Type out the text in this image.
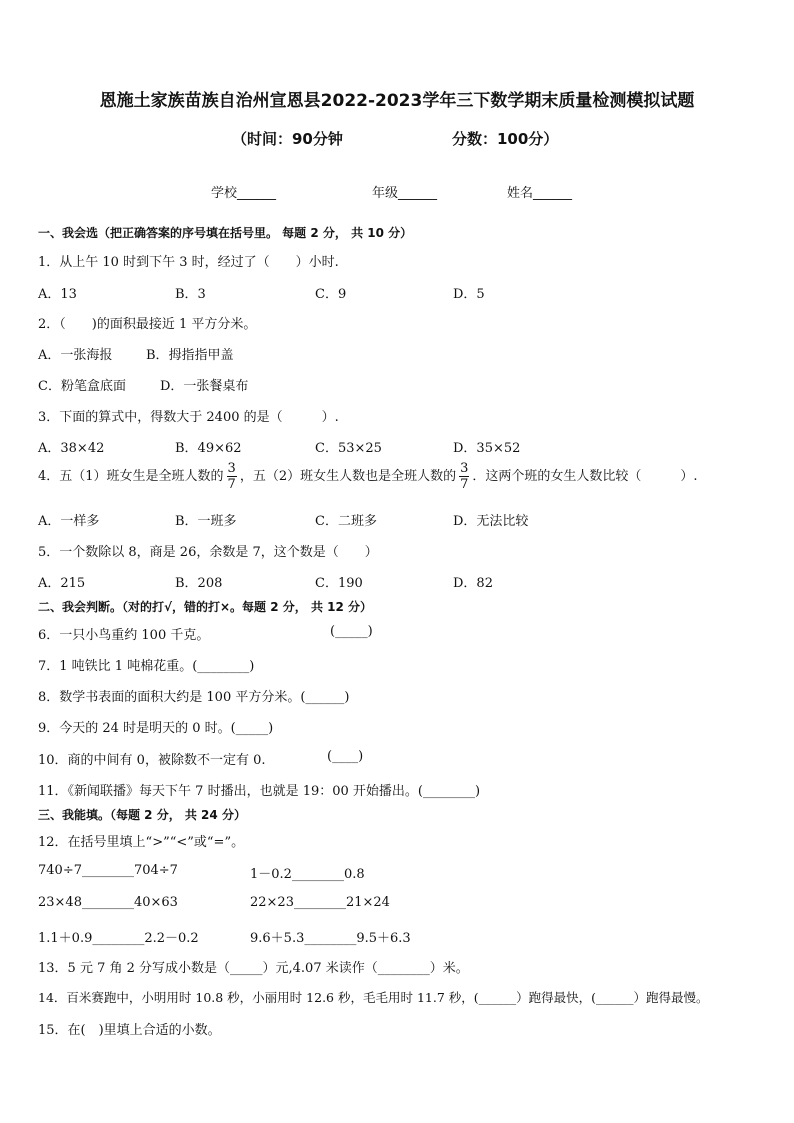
恩施土家族苗族自治州宣恩县2022-2023学年三下数学期末质量检测模拟试题
（时间：90分钟	分数：100分）
学校______	年级______	姓名______
一、我会选（把正确答案的序号填在括号里。 每题 2 分， 共 10 分）
1．从上午 10 时到下午 3 时，经过了（　　）小时.
A．13	B．3	C．9	D．5
2．（　　)的面积最接近 1 平方分米。
A．一张海报	B．拇指指甲盖
C．粉笔盒底面	D．一张餐桌布
3．下面的算式中，得数大于 2400 的是（　　　）.
A．38×42	B．49×62	C．53×25	D．35×52
4．五（1）班女生是全班人数的 $\frac{3}{7}$ ，五（2）班女生人数也是全班人数的 $\frac{3}{7}$ ．这两个班的女生人数比较（　　　）.
A．一样多	B．一班多	C．二班多	D．无法比较
5．一个数除以 8，商是 26，余数是 7，这个数是（　　）
A．215	B．208	C．190	D．82
二、我会判断。（对的打√，错的打×。每题 2 分， 共 12 分）
6．一只小鸟重约 100 千克。	(_____)
7．1 吨铁比 1 吨棉花重。(________)
8．数学书表面的面积大约是 100 平方分米。(______)
9．今天的 24 时是明天的 0 时。(_____)
10．商的中间有 0，被除数不一定有 0.	(____)
11．《新闻联播》每天下午 7 时播出，也就是 19：00 开始播出。(________)
三、我能填。（每题 2 分， 共 24 分）
12．在括号里填上“>”“<”或“=”。
740÷7________704÷7	1－0.2________0.8
23×48________40×63	22×23________21×24
1.1＋0.9________2.2－0.2	9.6＋5.3________9.5＋6.3
13．5 元 7 角 2 分写成小数是（_____）元,4.07 米读作（________）米。
14．百米赛跑中，小明用时 10.8 秒，小丽用时 12.6 秒，毛毛用时 11.7 秒，(______）跑得最快，(______）跑得最慢。
15．在(　)里填上合适的小数。
